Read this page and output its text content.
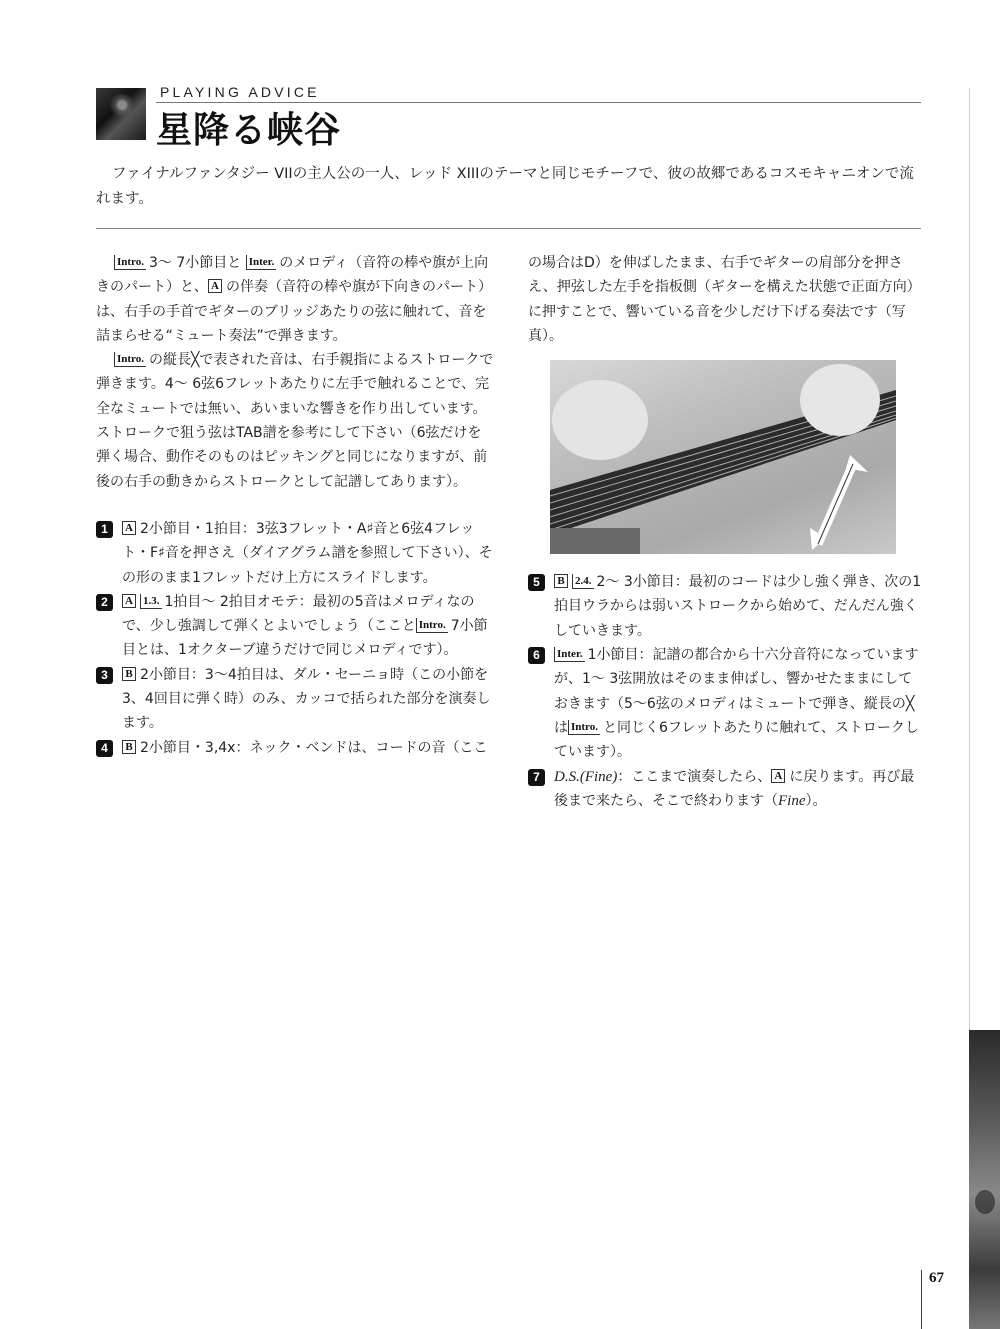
PLAYING ADVICE
星降る峡谷

ファイナルファンタジー VIIの主人公の一人、レッド XIIIのテーマと同じモチーフで、彼の故郷であるコスモキャニオンで流れます。

Intro. 3～ 7小節目と Inter. のメロディ（音符の棒や旗が上向きのパート）と、 A の伴奏（音符の棒や旗が下向きのパート）は、右手の手首でギターのブリッジあたりの弦に触れて、音を詰まらせる“ミュート奏法”で弾きます。

Intro. の縦長╳で表された音は、右手親指によるストロークで弾きます。4～ 6弦6フレットあたりに左手で触れることで、完全なミュートでは無い、あいまいな響きを作り出しています。ストロークで狙う弦はTAB譜を参考にして下さい（6弦だけを弾く場合、動作そのものはピッキングと同じになりますが、前後の右手の動きからストロークとして記譜してあります）。

1	A 2小節目・1拍目：3弦3フレット・A♯音と6弦4フレット・F♯音を押さえ（ダイアグラム譜を参照して下さい）、その形のまま1フレットだけ上方にスライドします。
2	A 1.3. 1拍目～ 2拍目オモテ：最初の5音はメロディなので、少し強調して弾くとよいでしょう（ここと Intro. 7小節目とは、1オクターブ違うだけで同じメロディです）。
3	B 2小節目：3～4拍目は、ダル・セーニョ時（この小節を3、4回目に弾く時）のみ、カッコで括られた部分を演奏します。
4	B 2小節目・3,4x：ネック・ベンドは、コードの音（ここ

の場合はD）を伸ばしたまま、右手でギターの肩部分を押さえ、押弦した左手を指板側（ギターを構えた状態で正面方向）に押すことで、響いている音を少しだけ下げる奏法です（写真）。

5	B 2.4. 2～ 3小節目：最初のコードは少し強く弾き、次の1拍目ウラからは弱いストロークから始めて、だんだん強くしていきます。
6	Inter. 1小節目：記譜の都合から十六分音符になっていますが、1～ 3弦開放はそのまま伸ばし、響かせたままにしておきます（5～6弦のメロディはミュートで弾き、縦長の╳は Intro. と同じく6フレットあたりに触れて、ストロークしています）。
7 D.S.(Fine)：ここまで演奏したら、 A に戻ります。再び最後まで来たら、そこで終わります（Fine）。
67
